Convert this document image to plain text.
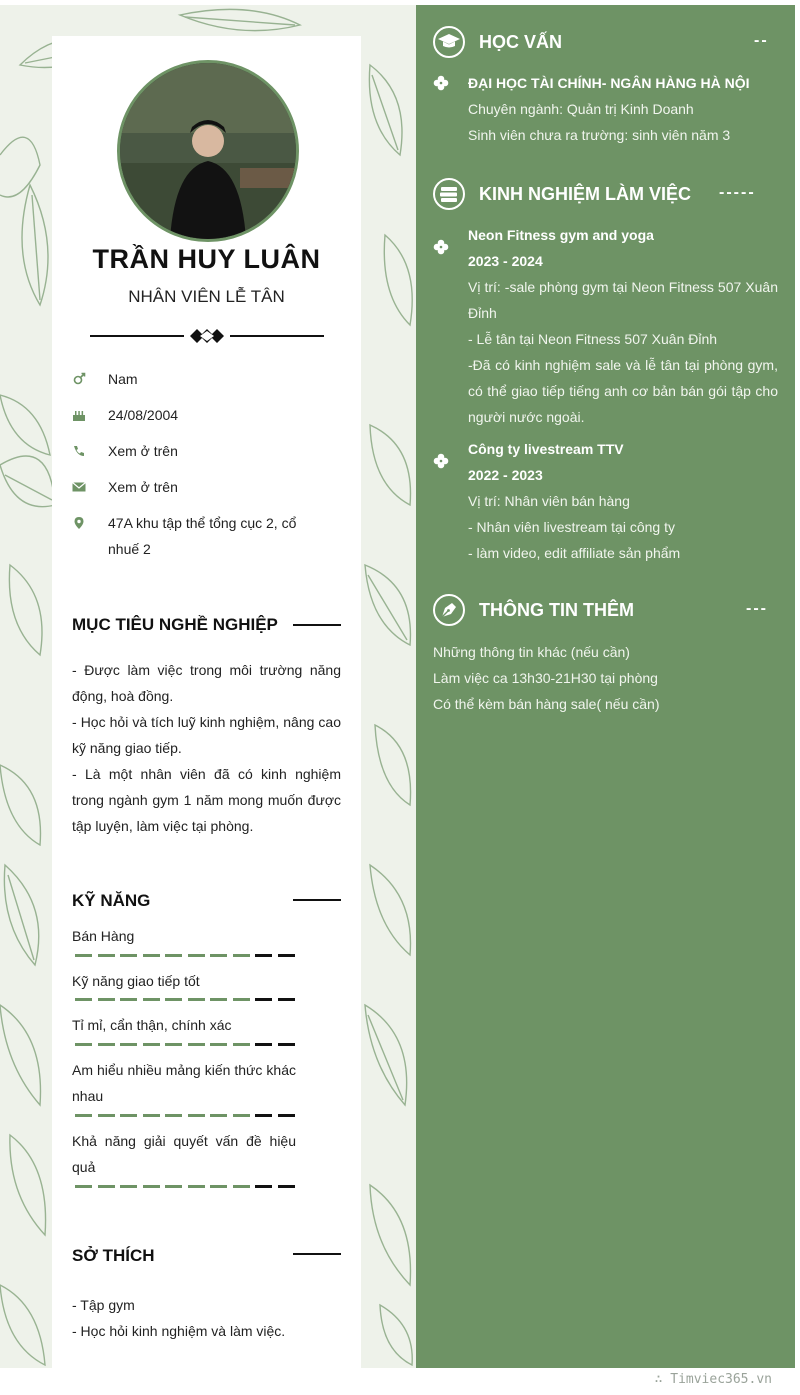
TRẦN HUY LUÂN
NHÂN VIÊN LỄ TÂN
Nam
24/08/2004
Xem ở trên
Xem ở trên
47A khu tập thể tổng cục 2, cổ nhuế 2
MỤC TIÊU NGHỀ NGHIỆP
- Được làm việc trong môi trường năng động, hoà đồng.
- Học hỏi và tích luỹ kinh nghiệm, nâng cao kỹ năng giao tiếp.
- Là một nhân viên đã có kinh nghiệm trong ngành gym 1 năm mong muốn được tập luyện, làm việc tại phòng.
KỸ NĂNG
Bán Hàng
Kỹ năng giao tiếp tốt
Tỉ mỉ, cẩn thận, chính xác
Am hiểu nhiều mảng kiến thức khác nhau
Khả năng giải quyết vấn đề hiệu quả
SỞ THÍCH
- Tập gym
- Học hỏi kinh nghiệm và làm việc.
HỌC VẤN	--
ĐẠI HỌC TÀI CHÍNH- NGÂN HÀNG HÀ NỘI
Chuyên ngành: Quản trị Kinh Doanh
Sinh viên chưa ra trường: sinh viên năm 3
KINH NGHIỆM LÀM VIỆC -----
Neon Fitness gym and yoga
2023 - 2024
Vị trí: -sale phòng gym tại Neon Fitness 507 Xuân Đỉnh
- Lễ tân tại Neon Fitness 507 Xuân Đỉnh
-Đã có kinh nghiệm sale và lễ tân tại phòng gym, có thể giao tiếp tiếng anh cơ bản bán gói tập cho người nước ngoài.
Công ty livestream TTV
2022 - 2023
Vị trí: Nhân viên bán hàng
- Nhân viên livestream tại công ty
- làm video, edit affiliate sản phẩm
THÔNG TIN THÊM	---
Những thông tin khác (nếu cần)
Làm việc ca 13h30-21H30 tại phòng
Có thể kèm bán hàng sale( nếu cần)
∴ Timviec365.vn
